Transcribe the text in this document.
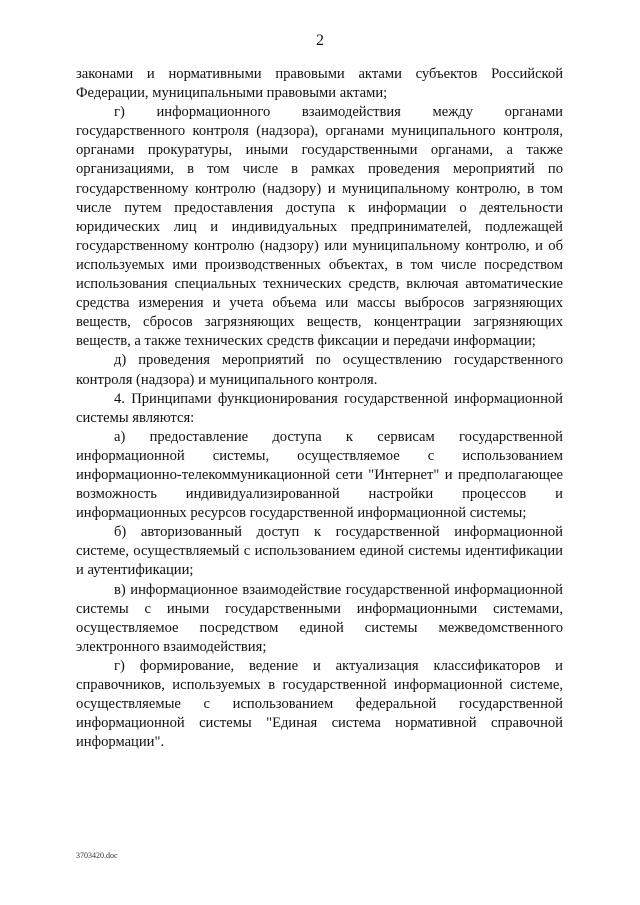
2

законами и нормативными правовыми актами субъектов Российской Федерации, муниципальными правовыми актами;

г) информационного взаимодействия между органами государственного контроля (надзора), органами муниципального контроля, органами прокуратуры, иными государственными органами, а также организациями, в том числе в рамках проведения мероприятий по государственному контролю (надзору) и муниципальному контролю, в том числе путем предоставления доступа к информации о деятельности юридических лиц и индивидуальных предпринимателей, подлежащей государственному контролю (надзору) или муниципальному контролю, и об используемых ими производственных объектах, в том числе посредством использования специальных технических средств, включая автоматические средства измерения и учета объема или массы выбросов загрязняющих веществ, сбросов загрязняющих веществ, концентрации загрязняющих веществ, а также технических средств фиксации и передачи информации;

д) проведения мероприятий по осуществлению государственного контроля (надзора) и муниципального контроля.

4. Принципами функционирования государственной информационной системы являются:

а) предоставление доступа к сервисам государственной информационной системы, осуществляемое с использованием информационно-телекоммуникационной сети "Интернет" и предполагающее возможность индивидуализированной настройки процессов и информационных ресурсов государственной информационной системы;

б) авторизованный доступ к государственной информационной системе, осуществляемый с использованием единой системы идентификации и аутентификации;

в) информационное взаимодействие государственной информационной системы с иными государственными информационными системами, осуществляемое посредством единой системы межведомственного электронного взаимодействия;

г) формирование, ведение и актуализация классификаторов и справочников, используемых в государственной информационной системе, осуществляемые с использованием федеральной государственной информационной системы "Единая система нормативной справочной информации".

3703420.doc
